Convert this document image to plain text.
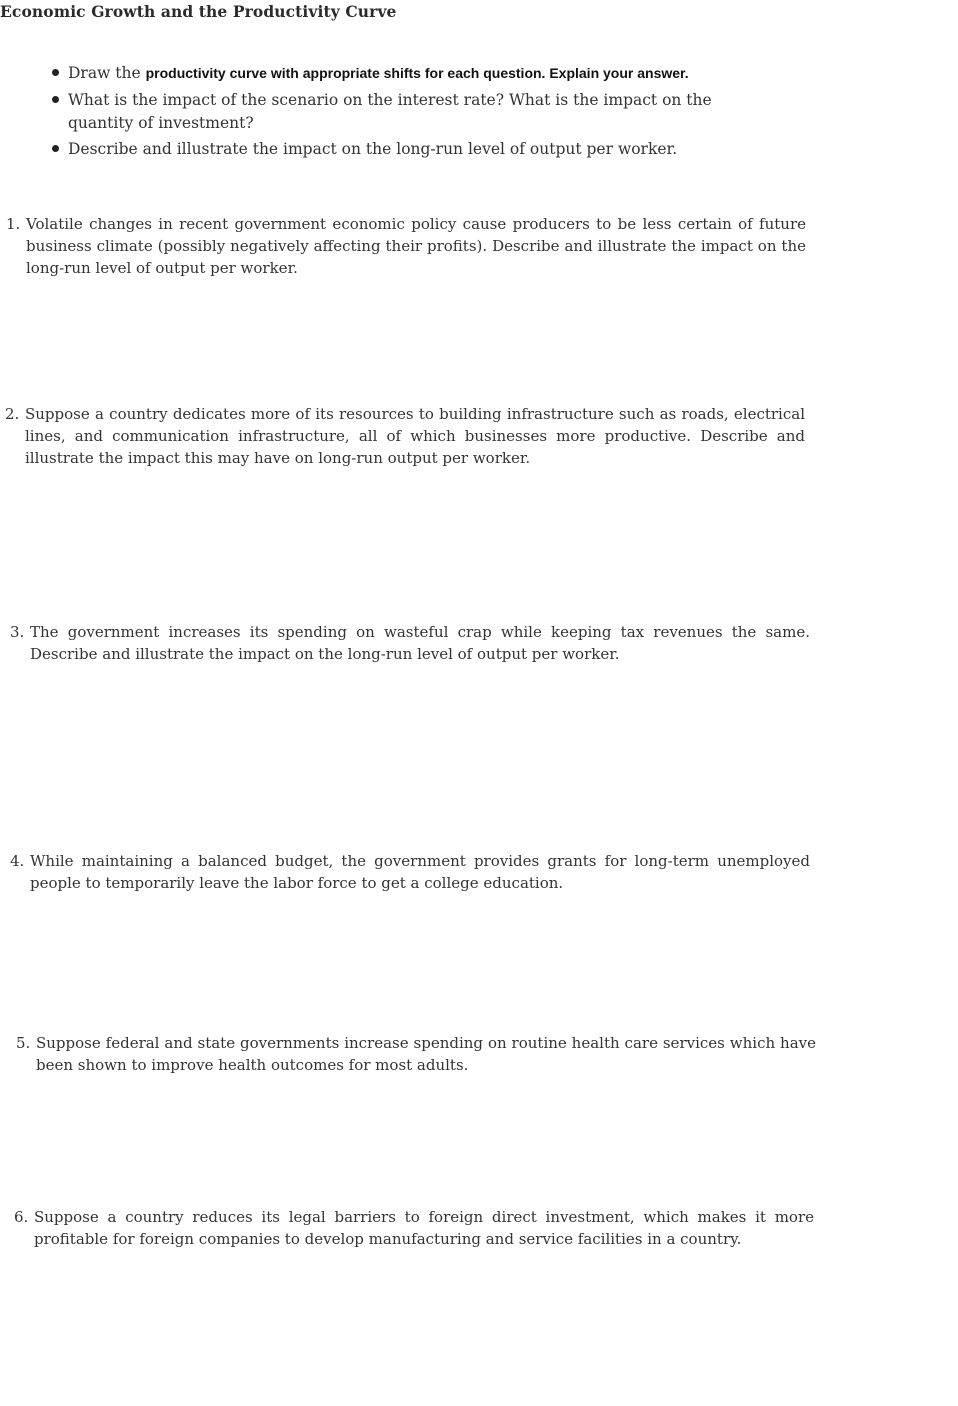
Economic Growth and the Productivity Curve
Draw the productivity curve with appropriate shifts for each question. Explain your answer.
What is the impact of the scenario on the interest rate? What is the impact on the quantity of investment?
Describe and illustrate the impact on the long-run level of output per worker.
1. Volatile changes in recent government economic policy cause producers to be less certain of future business climate (possibly negatively affecting their profits). Describe and illustrate the impact on the long-run level of output per worker.
2. Suppose a country dedicates more of its resources to building infrastructure such as roads, electrical lines, and communication infrastructure, all of which businesses more productive. Describe and illustrate the impact this may have on long-run output per worker.
3. The government increases its spending on wasteful crap while keeping tax revenues the same. Describe and illustrate the impact on the long-run level of output per worker.
4. While maintaining a balanced budget, the government provides grants for long-term unemployed people to temporarily leave the labor force to get a college education.
5. Suppose federal and state governments increase spending on routine health care services which have been shown to improve health outcomes for most adults.
6. Suppose a country reduces its legal barriers to foreign direct investment, which makes it more profitable for foreign companies to develop manufacturing and service facilities in a country.
